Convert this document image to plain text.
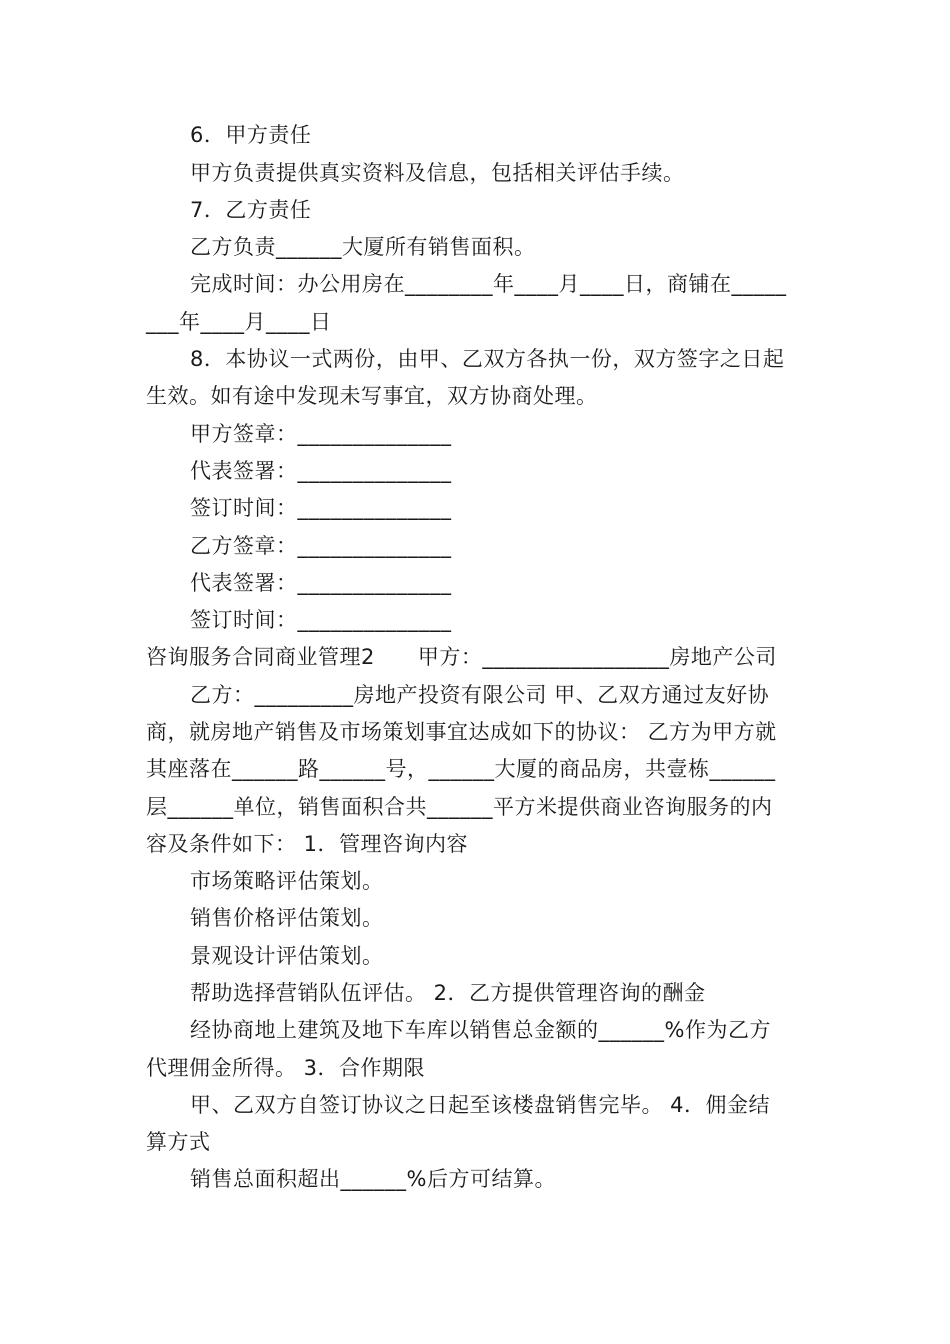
6．甲方责任
甲方负责提供真实资料及信息，包括相关评估手续。
7．乙方责任
乙方负责______大厦所有销售面积。
完成时间：办公用房在________年____月____日，商铺在_____
___年____月____日
8．本协议一式两份，由甲、乙双方各执一份，双方签字之日起
生效。如有途中发现未写事宜，双方协商处理。
甲方签章：______________
代表签署：______________
签订时间：______________
乙方签章：______________
代表签署：______________
签订时间：______________
咨询服务合同商业管理2　　甲方：_________________房地产公司
乙方：_________房地产投资有限公司 甲、乙双方通过友好协
商，就房地产销售及市场策划事宜达成如下的协议： 乙方为甲方就
其座落在______路______号，______大厦的商品房，共壹栋______
层______单位，销售面积合共______平方米提供商业咨询服务的内
容及条件如下： 1．管理咨询内容
市场策略评估策划。
销售价格评估策划。
景观设计评估策划。
帮助选择营销队伍评估。 2．乙方提供管理咨询的酬金
经协商地上建筑及地下车库以销售总金额的______%作为乙方
代理佣金所得。 3．合作期限
甲、乙双方自签订协议之日起至该楼盘销售完毕。 4．佣金结
算方式
销售总面积超出______%后方可结算。
